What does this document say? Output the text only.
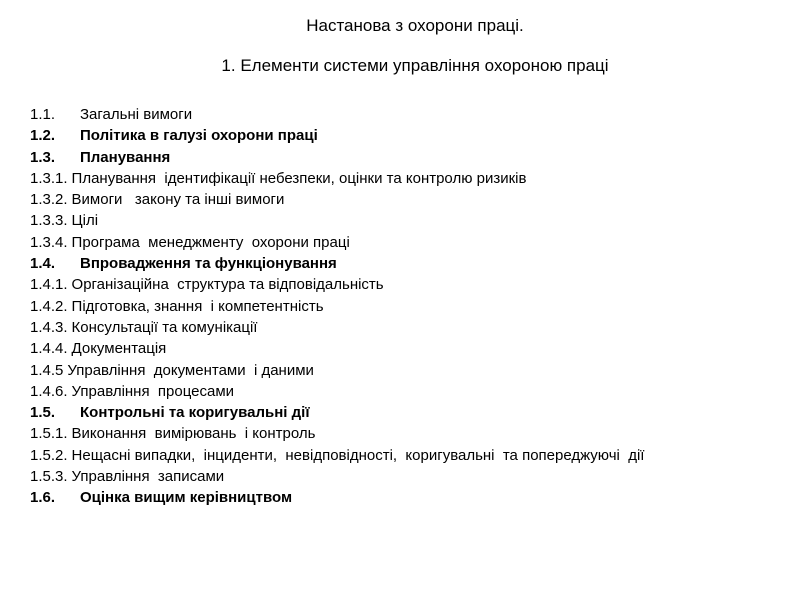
Настанова з охорони праці.
1. Елементи системи управління охороною праці
1.1. Загальні вимоги
1.2. Політика в галузі охорони праці
1.3. Планування
1.3.1. Планування  ідентифікації небезпеки, оцінки та контролю ризиків
1.3.2. Вимоги   закону та інші вимоги
1.3.3. Цілі
1.3.4. Програма  менеджменту  охорони праці
1.4. Впровадження та функціонування
1.4.1. Організаційна  структура та відповідальність
1.4.2. Підготовка, знання  і компетентність
1.4.3. Консультації та комунікації
1.4.4. Документація
1.4.5 Управління  документами  і даними
1.4.6. Управління  процесами
1.5. Контрольні та коригувальні дії
1.5.1. Виконання  вимірювань  і контроль
1.5.2. Нещасні випадки,  інциденти,  невідповідності,  коригувальні  та попереджуючі  дії
1.5.3. Управління  записами
1.6. Оцінка вищим керівництвом
